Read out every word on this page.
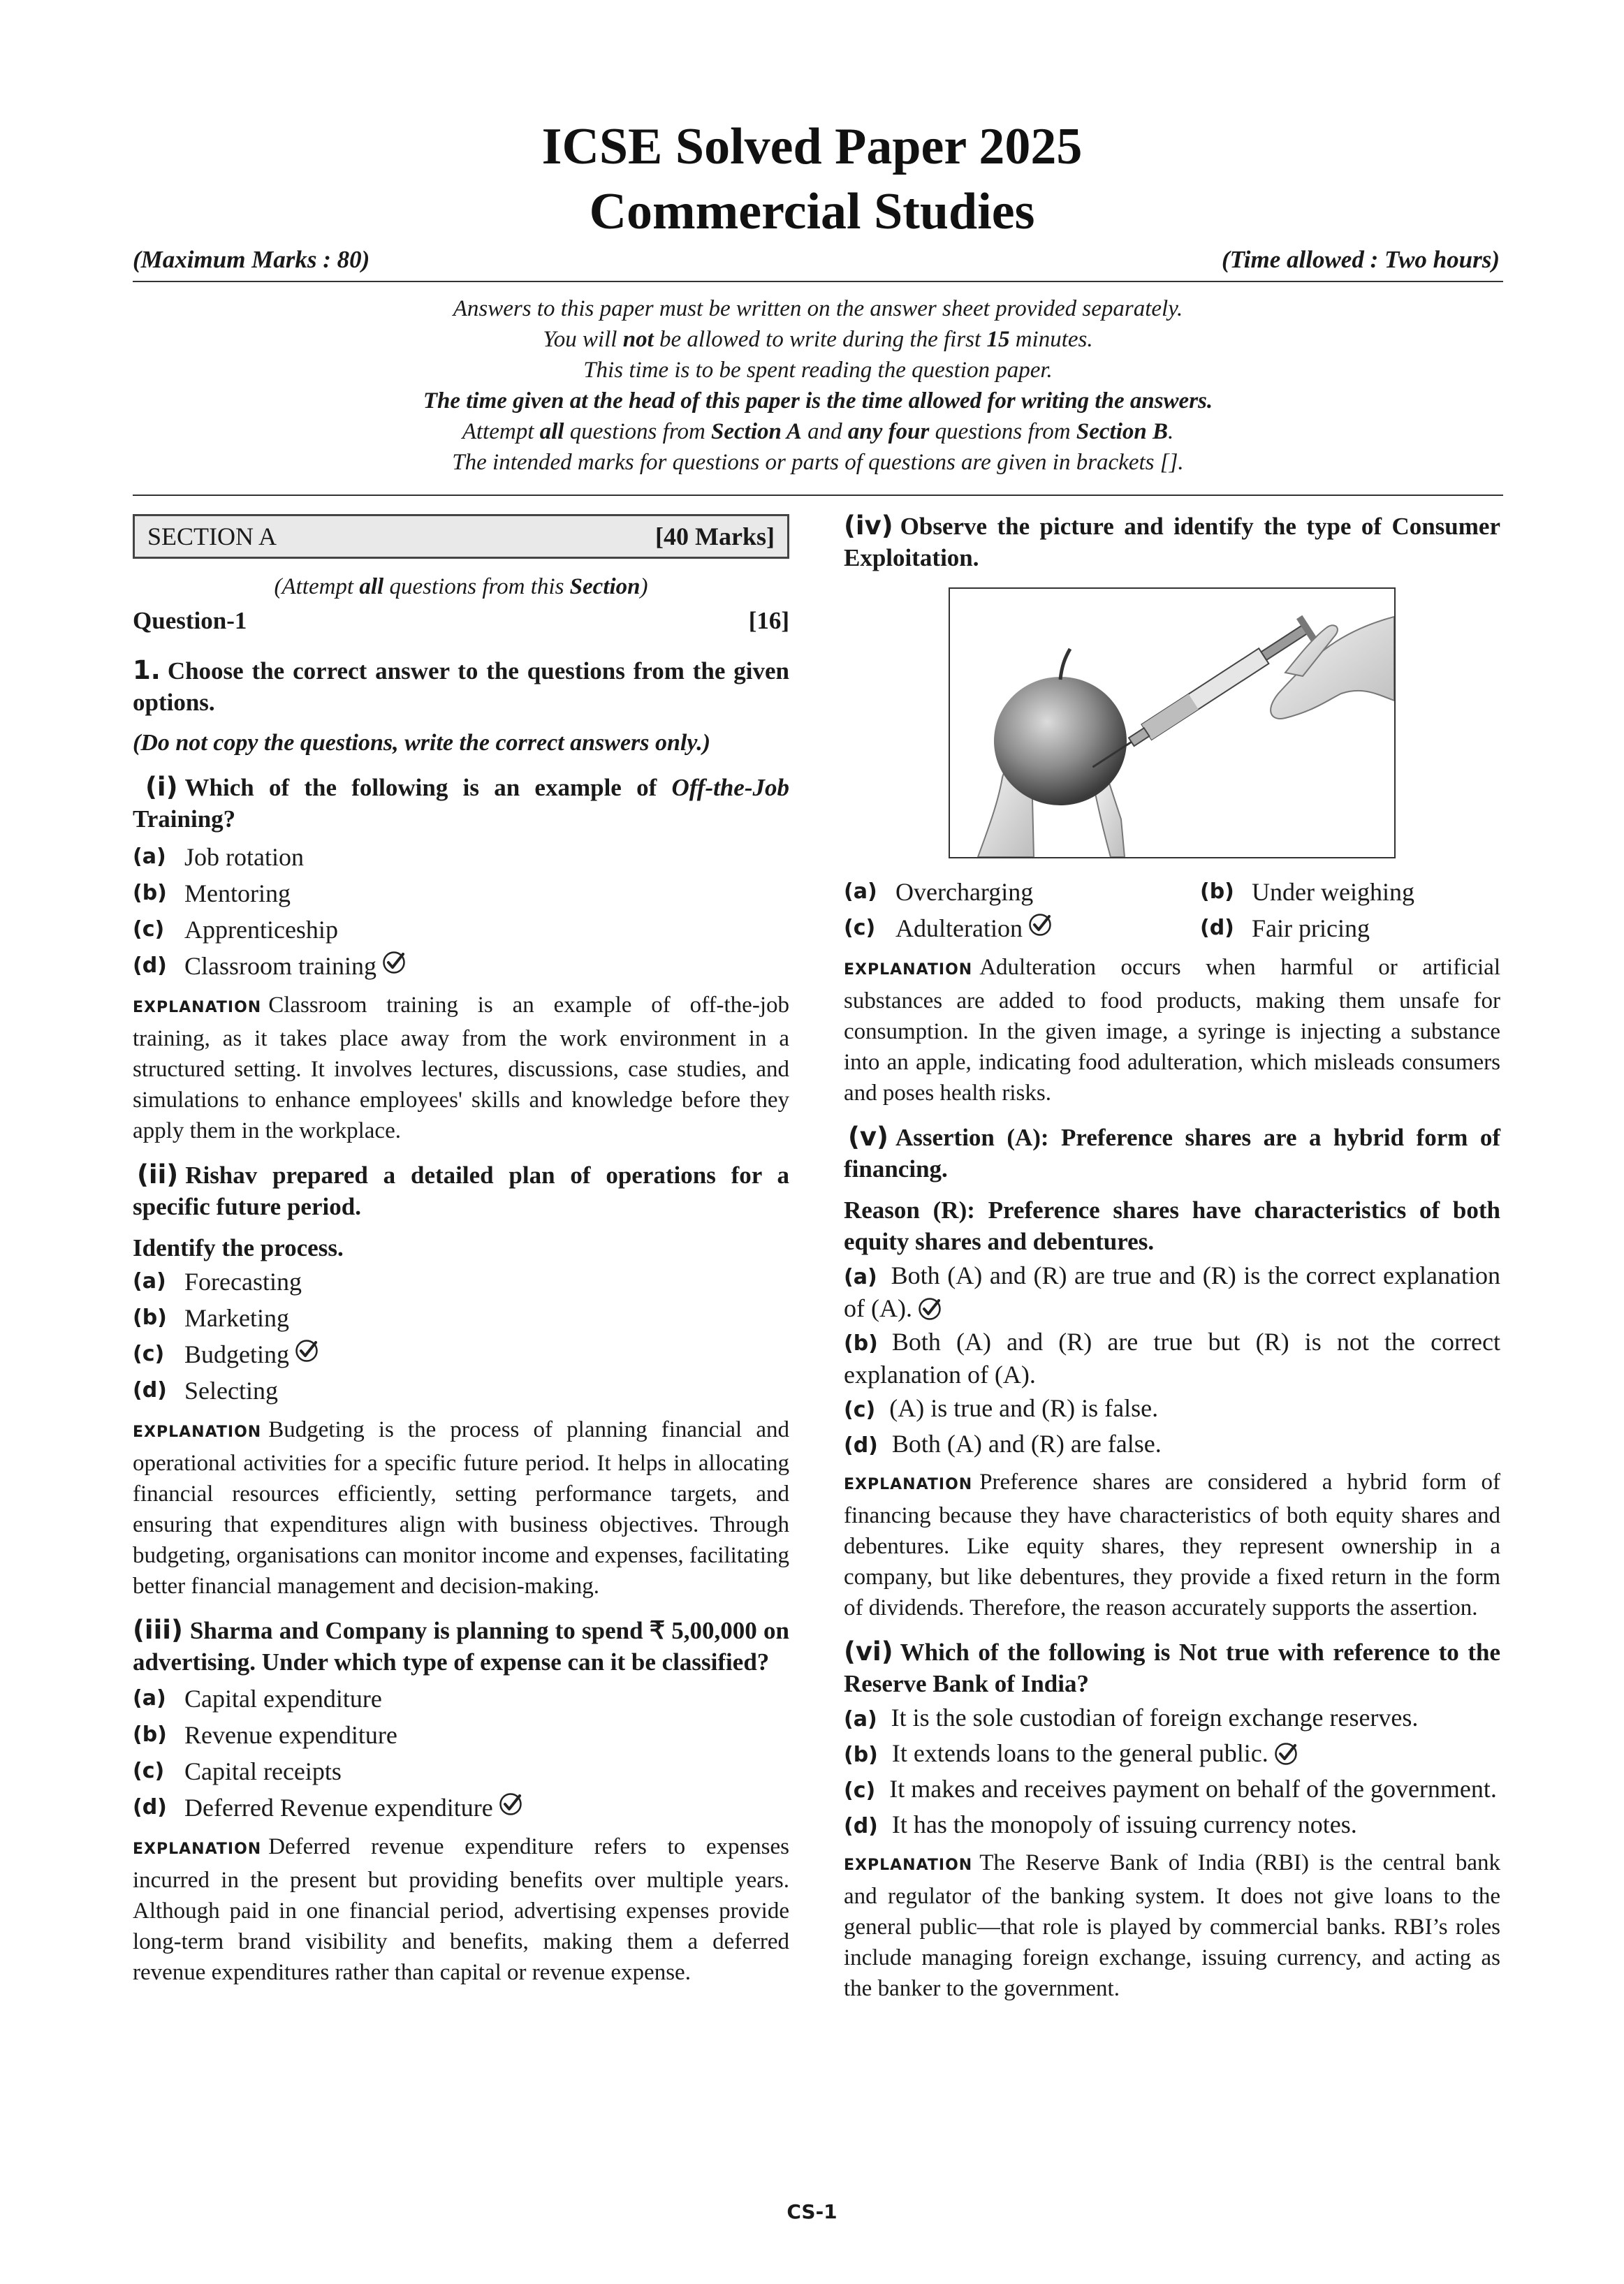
ICSE Solved Paper 2025
Commercial Studies
(Maximum Marks : 80)	(Time allowed : Two hours)
Answers to this paper must be written on the answer sheet provided separately.
You will not be allowed to write during the first 15 minutes.
This time is to be spent reading the question paper.
The time given at the head of this paper is the time allowed for writing the answers.
Attempt all questions from Section A and any four questions from Section B.
The intended marks for questions or parts of questions are given in brackets [].
SECTION A	[40 Marks]
(Attempt all questions from this Section)
Question-1	[16]

1. Choose the correct answer to the questions from the given options.

(Do not copy the questions, write the correct answers only.)

(i) Which of the following is an example of Off-the-Job Training?

(a) Job rotation
(b) Mentoring
(c) Apprenticeship
(d) Classroom training

EXPLANATION Classroom training is an example of off-the-job training, as it takes place away from the work environment in a structured setting. It involves lectures, discussions, case studies, and simulations to enhance employees' skills and knowledge before they apply them in the workplace.

(ii) Rishav prepared a detailed plan of operations for a specific future period.

Identify the process.

(a) Forecasting
(b) Marketing
(c) Budgeting
(d) Selecting

EXPLANATION Budgeting is the process of planning financial and operational activities for a specific future period. It helps in allocating financial resources efficiently, setting performance targets, and ensuring that expenditures align with business objectives. Through budgeting, organisations can monitor income and expenses, facilitating better financial management and decision-making.

(iii) Sharma and Company is planning to spend ₹ 5,00,000 on advertising. Under which type of expense can it be classified?

(a) Capital expenditure
(b) Revenue expenditure
(c) Capital receipts
(d) Deferred Revenue expenditure

EXPLANATION Deferred revenue expenditure refers to expenses incurred in the present but providing benefits over multiple years. Although paid in one financial period, advertising expenses provide long-term brand visibility and benefits, making them a deferred revenue expenditures rather than capital or revenue expense.

(iv) Observe the picture and identify the type of Consumer Exploitation.

(a) Overcharging	(b) Under weighing
(c) Adulteration	(d) Fair pricing

EXPLANATION Adulteration occurs when harmful or artificial substances are added to food products, making them unsafe for consumption. In the given image, a syringe is injecting a substance into an apple, indicating food adulteration, which misleads consumers and poses health risks.

(v) Assertion (A): Preference shares are a hybrid form of financing.

Reason (R): Preference shares have characteristics of both equity shares and debentures.

(a) Both (A) and (R) are true and (R) is the correct explanation of (A).

(b) Both (A) and (R) are true but (R) is not the correct explanation of (A).

(c) (A) is true and (R) is false.

(d) Both (A) and (R) are false.

EXPLANATION Preference shares are considered a hybrid form of financing because they have characteristics of both equity shares and debentures. Like equity shares, they represent ownership in a company, but like debentures, they provide a fixed return in the form of dividends. Therefore, the reason accurately supports the assertion.

(vi) Which of the following is Not true with reference to the Reserve Bank of India?

(a) It is the sole custodian of foreign exchange reserves.

(b) It extends loans to the general public.

(c) It makes and receives payment on behalf of the government.

(d) It has the monopoly of issuing currency notes.

EXPLANATION The Reserve Bank of India (RBI) is the central bank and regulator of the banking system. It does not give loans to the general public—that role is played by commercial banks. RBI’s roles include managing foreign exchange, issuing currency, and acting as the banker to the government.

CS-1
